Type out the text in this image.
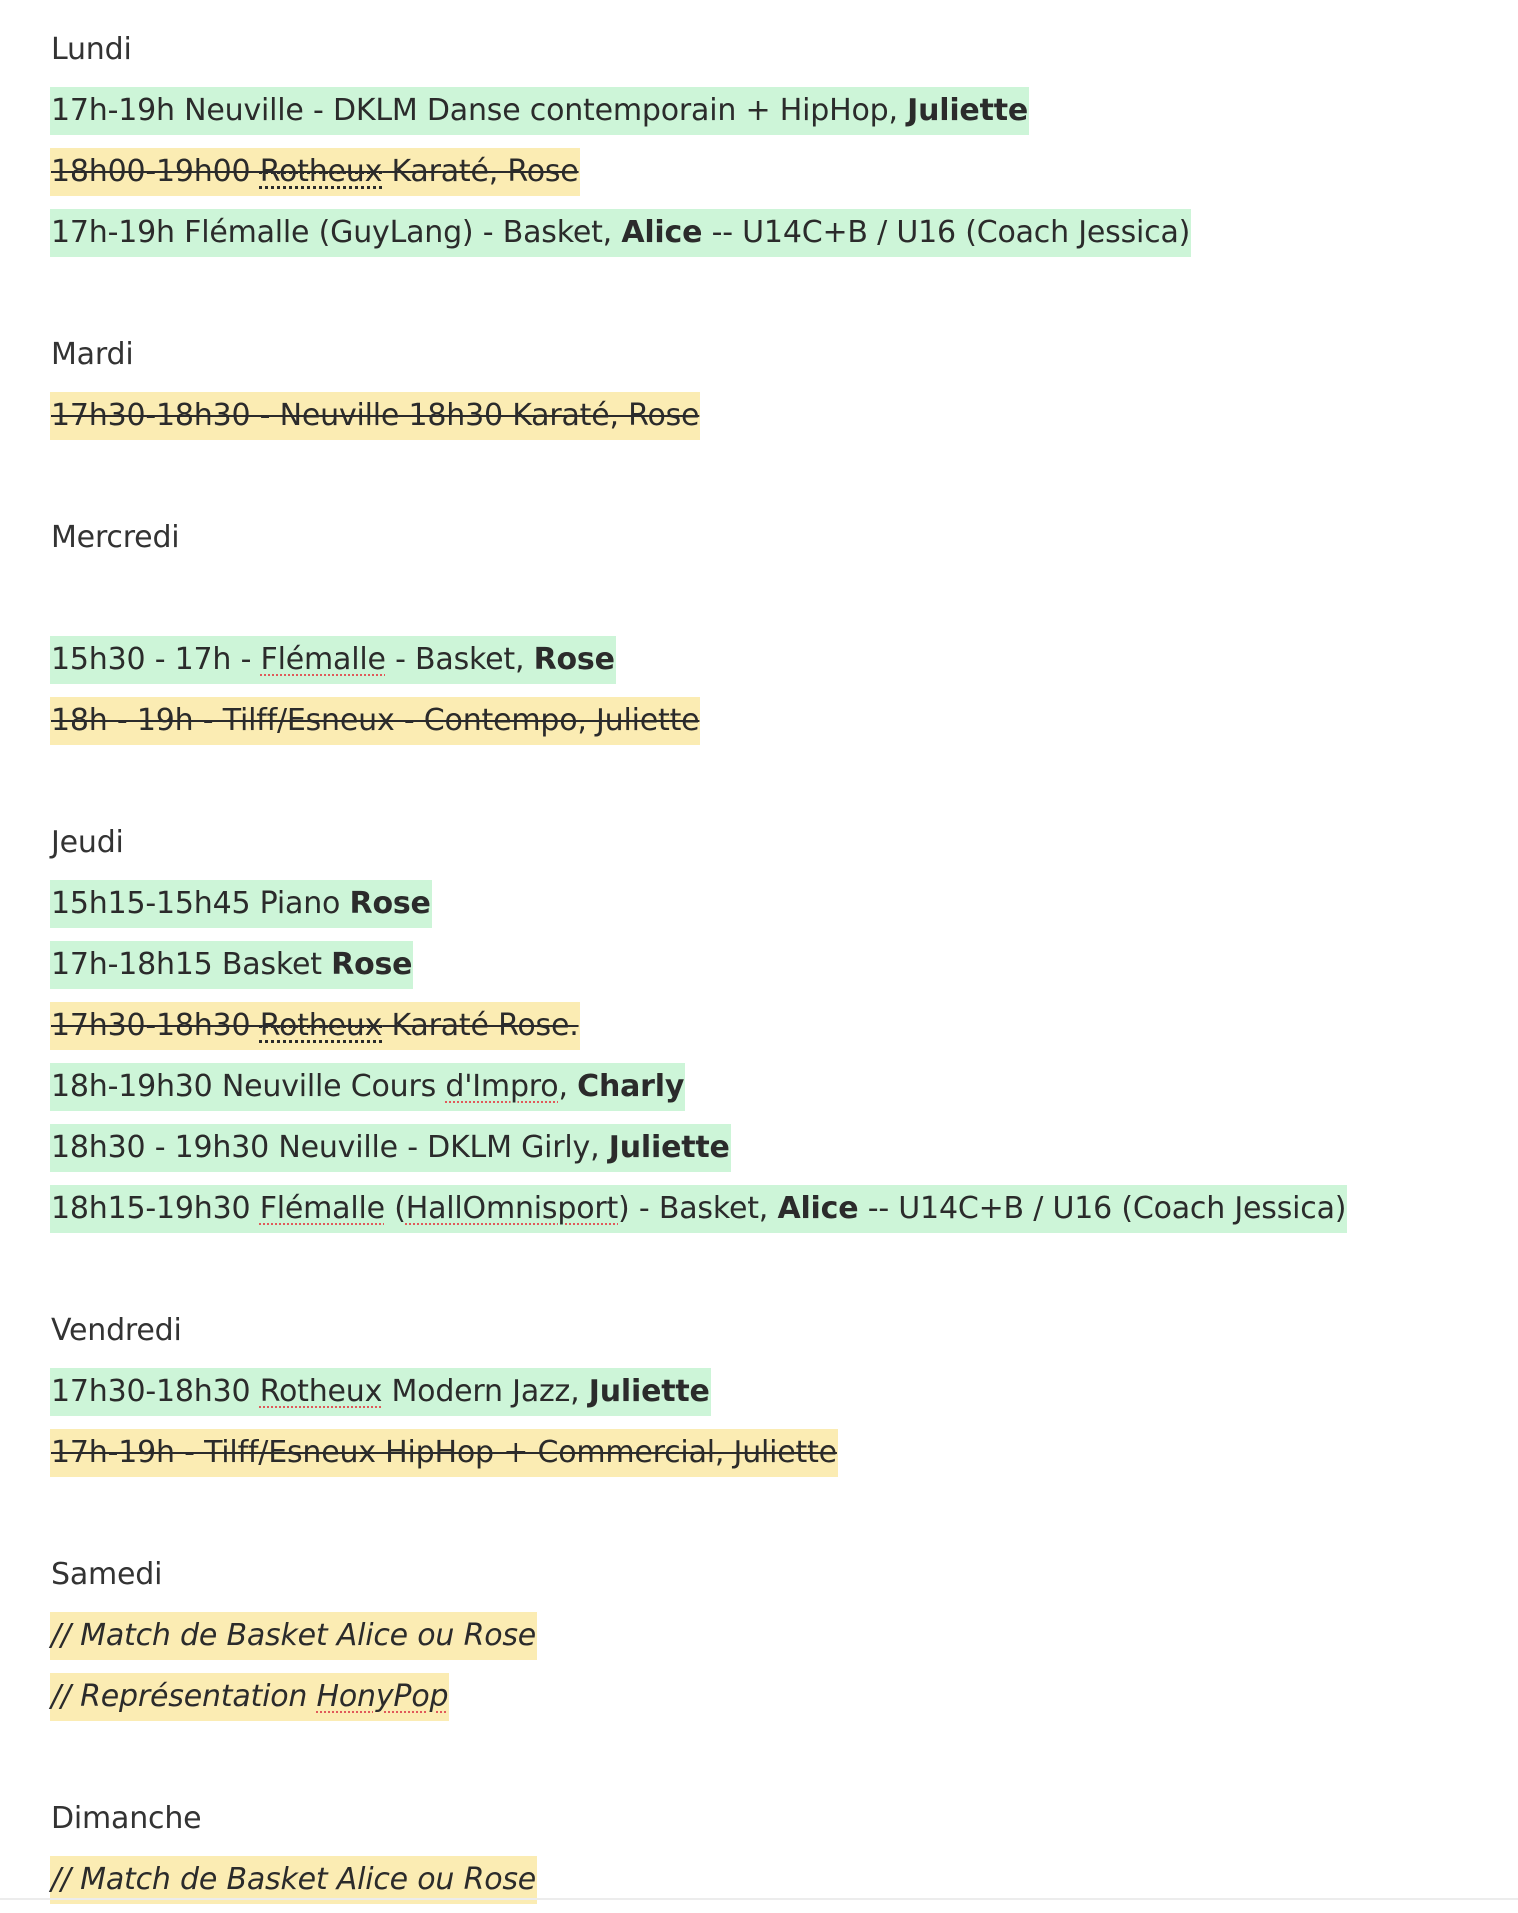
Lundi
17h-19h Neuville - DKLM Danse contemporain + HipHop, Juliette
18h00-19h00 Rotheux Karaté, Rose
17h-19h Flémalle (GuyLang) - Basket, Alice -- U14C+B / U16 (Coach Jessica)
Mardi
17h30-18h30 - Neuville 18h30 Karaté, Rose
Mercredi
15h30 - 17h - Flémalle - Basket, Rose
18h - 19h - Tilff/Esneux - Contempo, Juliette
Jeudi
15h15-15h45 Piano Rose
17h-18h15 Basket Rose
17h30-18h30 Rotheux Karaté Rose.
18h-19h30 Neuville Cours d'Impro, Charly
18h30 - 19h30 Neuville - DKLM Girly, Juliette
18h15-19h30 Flémalle (HallOmnisport) - Basket, Alice -- U14C+B / U16 (Coach Jessica)
Vendredi
17h30-18h30 Rotheux Modern Jazz, Juliette
17h-19h - Tilff/Esneux HipHop + Commercial, Juliette
Samedi
// Match de Basket Alice ou Rose
// Représentation HonyPop
Dimanche
// Match de Basket Alice ou Rose
